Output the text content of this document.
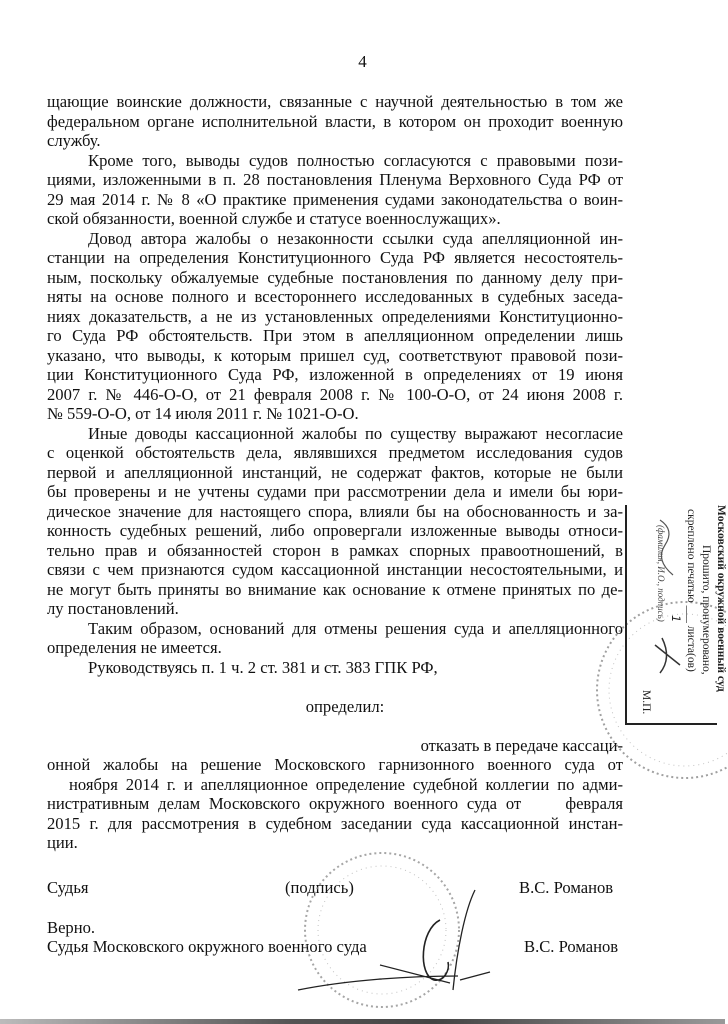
4
щающие воинские должности, связанные с научной деятельностью в том же
федеральном органе исполнительной власти, в котором он проходит военную
службу.
Кроме того, выводы судов полностью согласуются с правовыми пози-
циями, изложенными в п. 28 постановления Пленума Верховного Суда РФ от
29 мая 2014 г. № 8 «О практике применения судами законодательства о воин-
ской обязанности, военной службе и статусе военнослужащих».
Довод автора жалобы о незаконности ссылки суда апелляционной ин-
станции на определения Конституционного Суда РФ является несостоятель-
ным, поскольку обжалуемые судебные постановления по данному делу при-
няты на основе полного и всестороннего исследованных в судебных заседа-
ниях доказательств, а не из установленных определениями Конституционно-
го Суда РФ обстоятельств. При этом в апелляционном определении лишь
указано, что выводы, к которым пришел суд, соответствуют правовой пози-
ции Конституционного Суда РФ, изложенной в определениях от 19 июня
2007 г. № 446-О-О, от 21 февраля 2008 г. № 100-О-О, от 24 июня 2008 г.
№ 559-О-О, от 14 июля 2011 г. № 1021-О-О.
Иные доводы кассационной жалобы по существу выражают несогласие
с оценкой обстоятельств дела, являвшихся предметом исследования судов
первой и апелляционной инстанций, не содержат фактов, которые не были
бы проверены и не учтены судами при рассмотрении дела и имели бы юри-
дическое значение для настоящего спора, влияли бы на обоснованность и за-
конность судебных решений, либо опровергали изложенные выводы относи-
тельно прав и обязанностей сторон в рамках спорных правоотношений, в
связи с чем признаются судом кассационной инстанции несостоятельными, и
не могут быть приняты во внимание как основание к отмене принятых по де-
лу постановлений.
Таким образом, оснований для отмены решения суда и апелляционного
определения не имеется.
Руководствуясь п. 1 ч. 2 ст. 381 и ст. 383 ГПК РФ,
определил:
отказать в передаче кассаци-
онной жалобы на решение Московского гарнизонного военного суда от
ноября 2014 г. и апелляционное определение судебной коллегии по адми-
нистративным делам Московского окружного военного суда от     февраля
2015 г. для рассмотрения в судебном заседании суда кассационной инстан-
ции.
Судья	(подпись)	В.С. Романов
Верно.
Судья Московского окружного военного суда	В.С. Романов
Московский окружной военный суд
Прошито, пронумеровано,
скреплено печатью ___ листа(ов)
1
(фамилия, И.О., подпись)
М.П.
